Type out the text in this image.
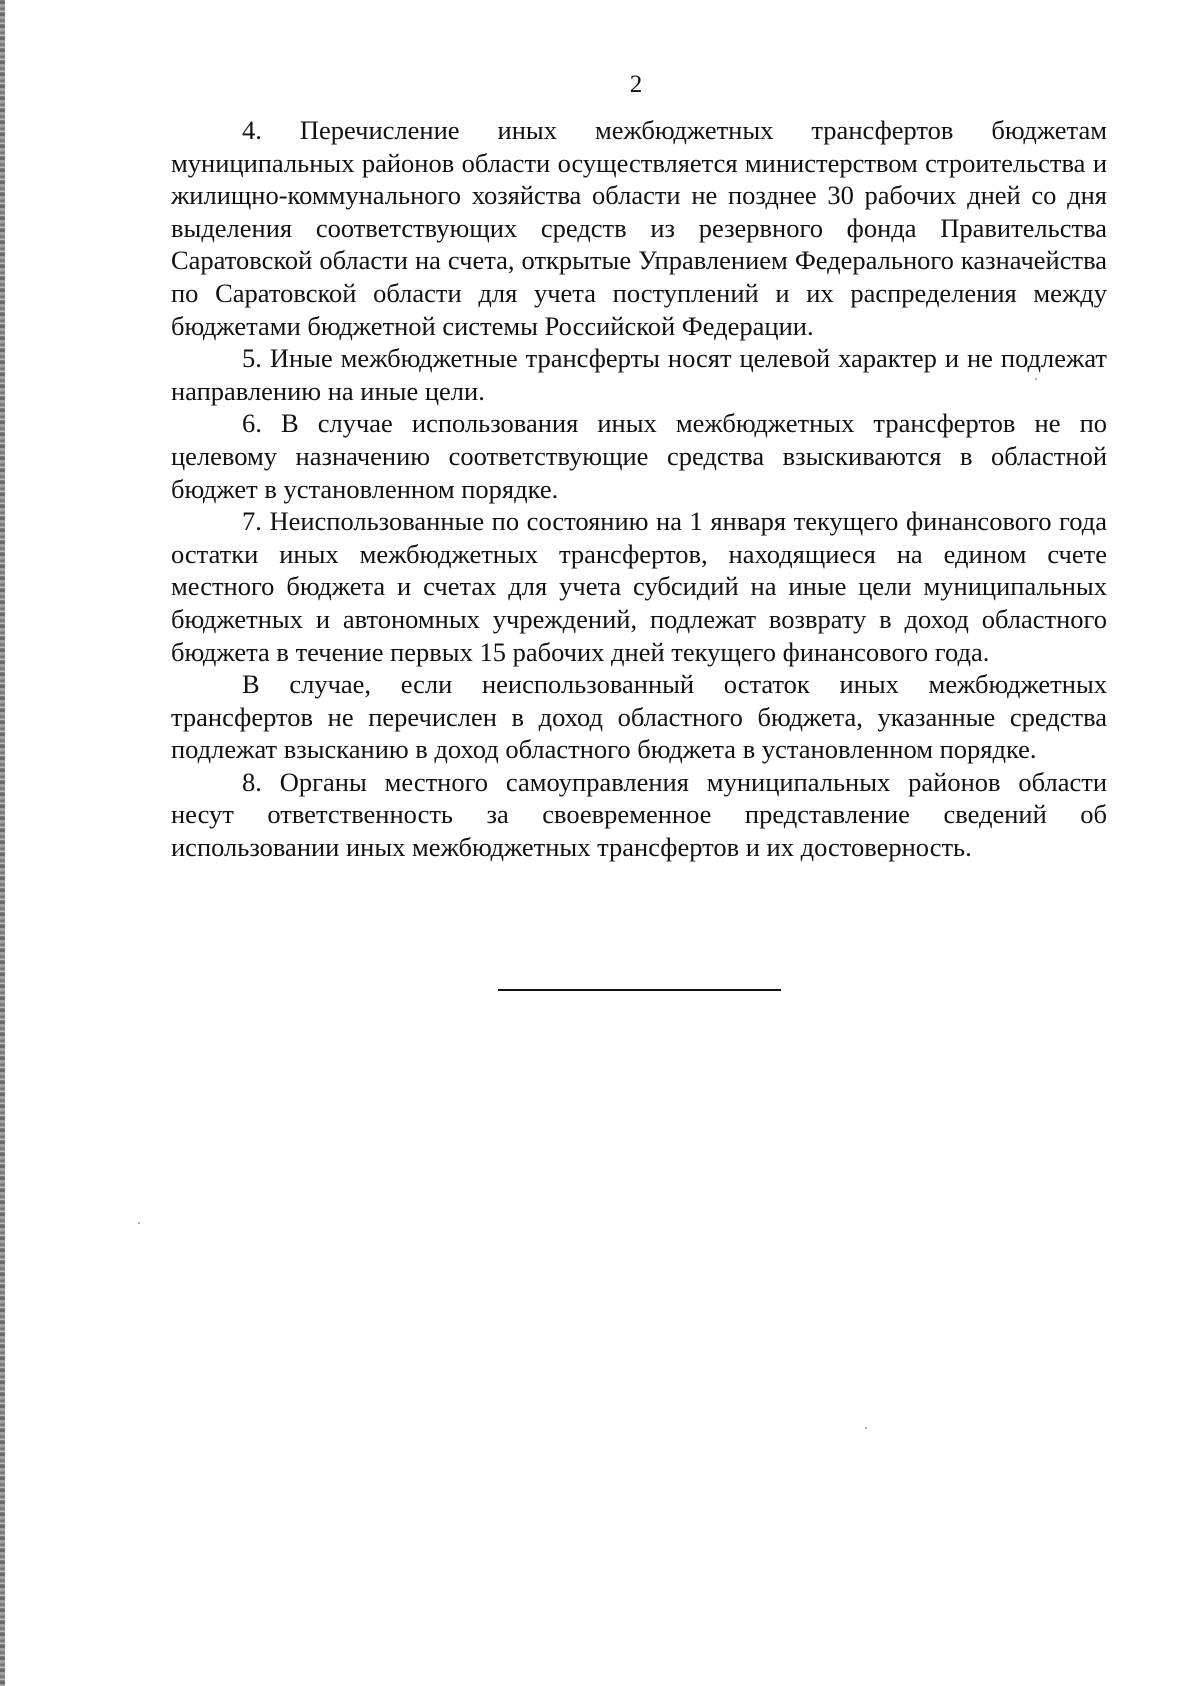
2

4. Перечисление иных межбюджетных трансфертов бюджетам муниципальных районов области осуществляется министерством строительства и жилищно-коммунального хозяйства области не позднее 30 рабочих дней со дня выделения соответствующих средств из резервного фонда Правительства Саратовской области на счета, открытые Управлением Федерального казначейства по Саратовской области для учета поступлений и их распределения между бюджетами бюджетной системы Российской Федерации.

5. Иные межбюджетные трансферты носят целевой характер и не подлежат направлению на иные цели.

6. В случае использования иных межбюджетных трансфертов не по целевому назначению соответствующие средства взыскиваются в областной бюджет в установленном порядке.

7. Неиспользованные по состоянию на 1 января текущего финансового года остатки иных межбюджетных трансфертов, находящиеся на едином счете местного бюджета и счетах для учета субсидий на иные цели муниципальных бюджетных и автономных учреждений, подлежат возврату в доход областного бюджета в течение первых 15 рабочих дней текущего финансового года.

В случае, если неиспользованный остаток иных межбюджетных трансфертов не перечислен в доход областного бюджета, указанные средства подлежат взысканию в доход областного бюджета в установленном порядке.

8. Органы местного самоуправления муниципальных районов области несут ответственность за своевременное представление сведений об использовании иных межбюджетных трансфертов и их достоверность.
